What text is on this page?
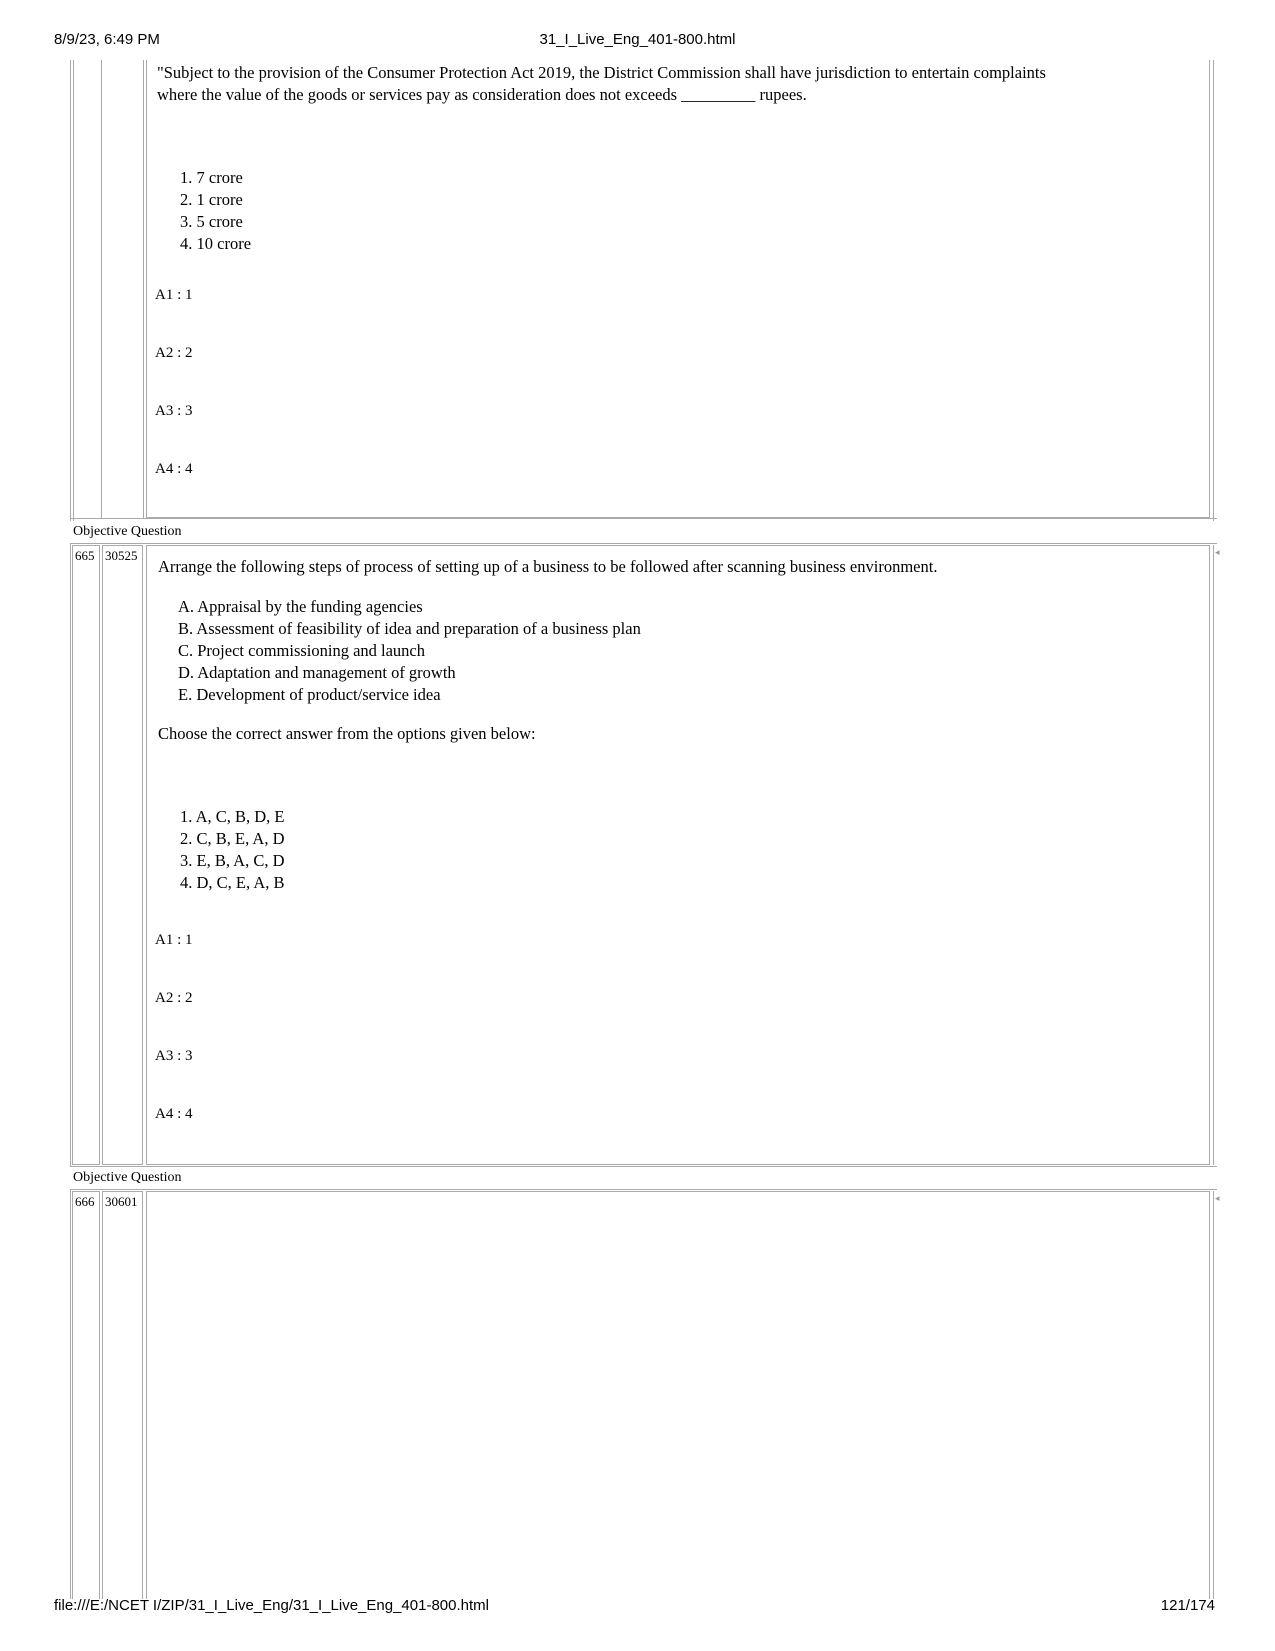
8/9/23, 6:49 PM	31_I_Live_Eng_401-800.html
"Subject to the provision of the Consumer Protection Act 2019, the District Commission shall have jurisdiction to entertain complaints
where the value of the goods or services pay as consideration does not exceeds _________ rupees.
1. 7 crore
2. 1 crore
3. 5 crore
4. 10 crore
A1 : 1
A2 : 2
A3 : 3
A4 : 4
Objective Question
665 30525	◂
Arrange the following steps of process of setting up of a business to be followed after scanning business environment.
A. Appraisal by the funding agencies
B. Assessment of feasibility of idea and preparation of a business plan
C. Project commissioning and launch
D. Adaptation and management of growth
E. Development of product/service idea
Choose the correct answer from the options given below:
1. A, C, B, D, E
2. C, B, E, A, D
3. E, B, A, C, D
4. D, C, E, A, B
A1 : 1
A2 : 2
A3 : 3
A4 : 4
Objective Question
666 30601	◂
file:///E:/NCET I/ZIP/31_I_Live_Eng/31_I_Live_Eng_401-800.html	121/174
